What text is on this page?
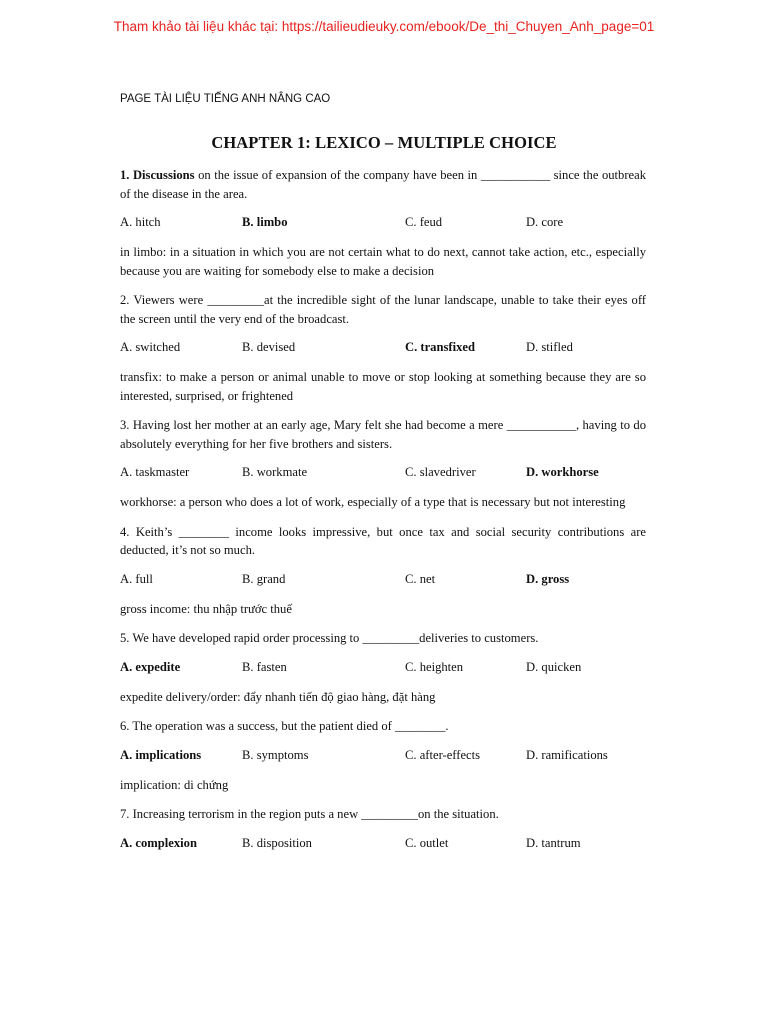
Tham khảo tài liệu khác tại: https://tailieudieuky.com/ebook/De_thi_Chuyen_Anh_page=01
PAGE TÀI LIỆU TIẾNG ANH NÂNG CAO
CHAPTER 1: LEXICO – MULTIPLE CHOICE

1. Discussions on the issue of expansion of the company have been in ___________ since the outbreak of the disease in the area.

A. hitch	B. limbo	C. feud	D. core

in limbo: in a situation in which you are not certain what to do next, cannot take action, etc., especially because you are waiting for somebody else to make a decision

2. Viewers were _________at the incredible sight of the lunar landscape, unable to take their eyes off the screen until the very end of the broadcast.

A. switched	B. devised	C. transfixed	D. stifled

transfix: to make a person or animal unable to move or stop looking at something because they are so interested, surprised, or frightened

3. Having lost her mother at an early age, Mary felt she had become a mere ___________, having to do absolutely everything for her five brothers and sisters.

A. taskmaster	B. workmate	C. slavedriver	D. workhorse

workhorse: a person who does a lot of work, especially of a type that is necessary but not interesting

4. Keith’s ________ income looks impressive, but once tax and social security contributions are deducted, it’s not so much.

A. full	B. grand	C. net	D. gross

gross income: thu nhập trước thuế

5. We have developed rapid order processing to _________deliveries to customers.

A. expedite	B. fasten	C. heighten	D. quicken

expedite delivery/order: đẩy nhanh tiến độ giao hàng, đặt hàng

6. The operation was a success, but the patient died of ________.

A. implications	B. symptoms	C. after-effects	D. ramifications

implication: di chứng

7. Increasing terrorism in the region puts a new _________on the situation.

A. complexion	B. disposition	C. outlet	D. tantrum
